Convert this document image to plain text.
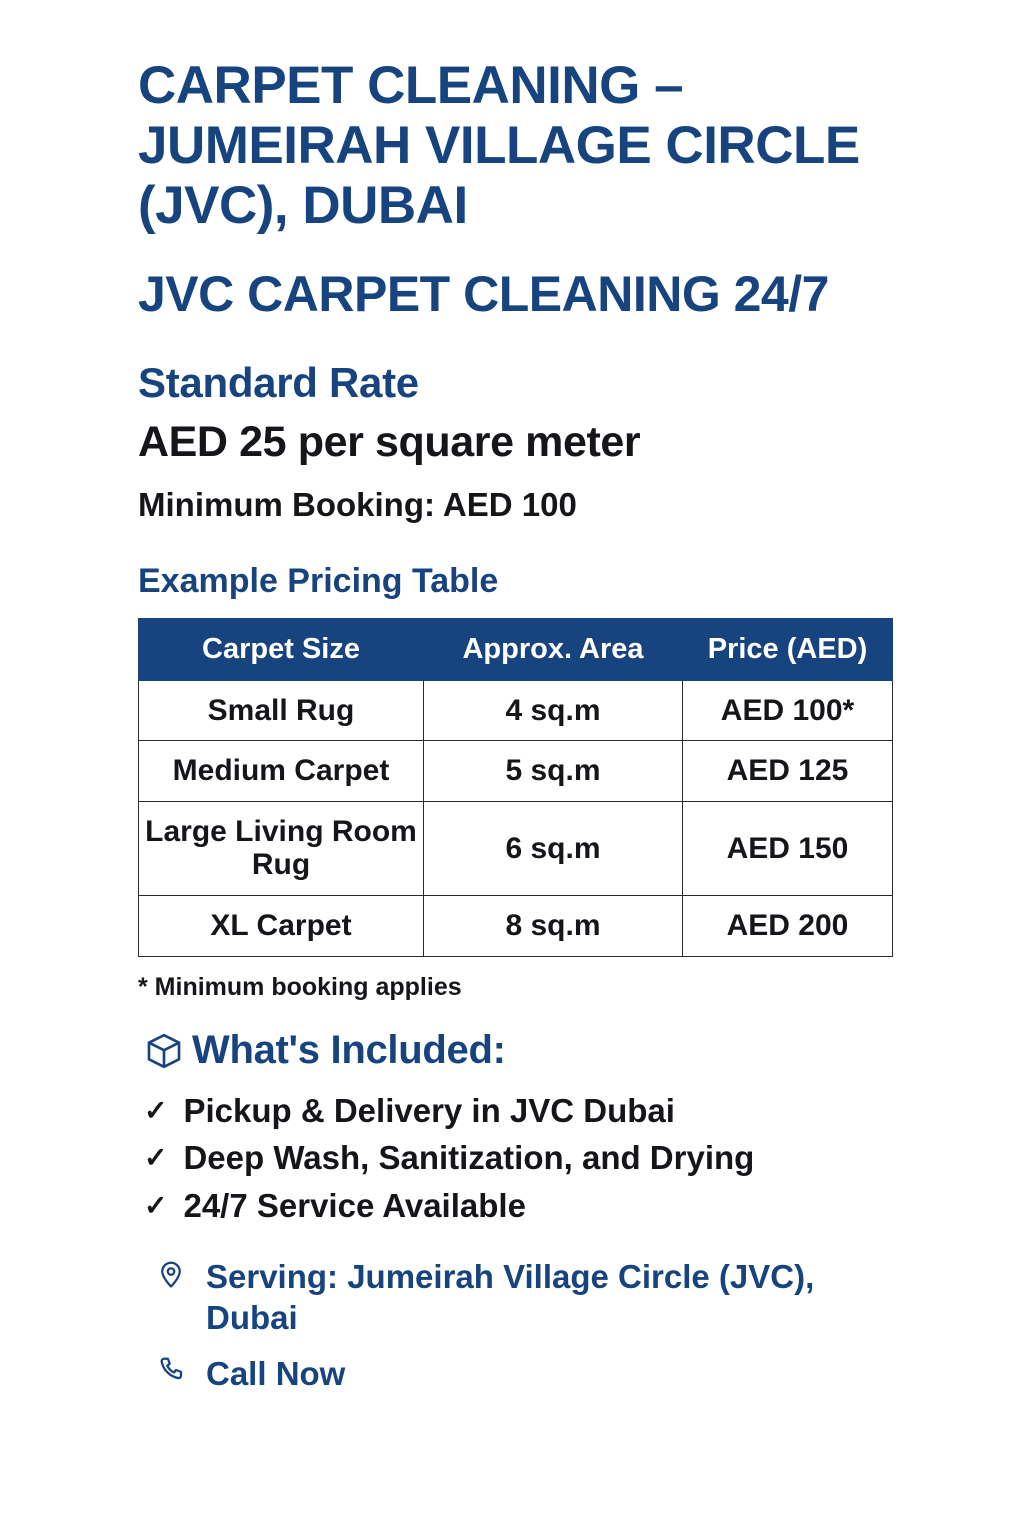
CARPET CLEANING – JUMEIRAH VILLAGE CIRCLE (JVC), DUBAI
JVC CARPET CLEANING 24/7
Standard Rate
AED 25 per square meter
Minimum Booking: AED 100
Example Pricing Table
Carpet Size	Approx. Area	Price (AED)
Small Rug	4 sq.m	AED 100*
Medium Carpet	5 sq.m	AED 125
Large Living Room Rug	6 sq.m	AED 150
XL Carpet	8 sq.m	AED 200
* Minimum booking applies
What's Included:
✓ Pickup & Delivery in JVC Dubai
✓ Deep Wash, Sanitization, and Drying
✓ 24/7 Service Available
Serving: Jumeirah Village Circle (JVC), Dubai
Call Now
